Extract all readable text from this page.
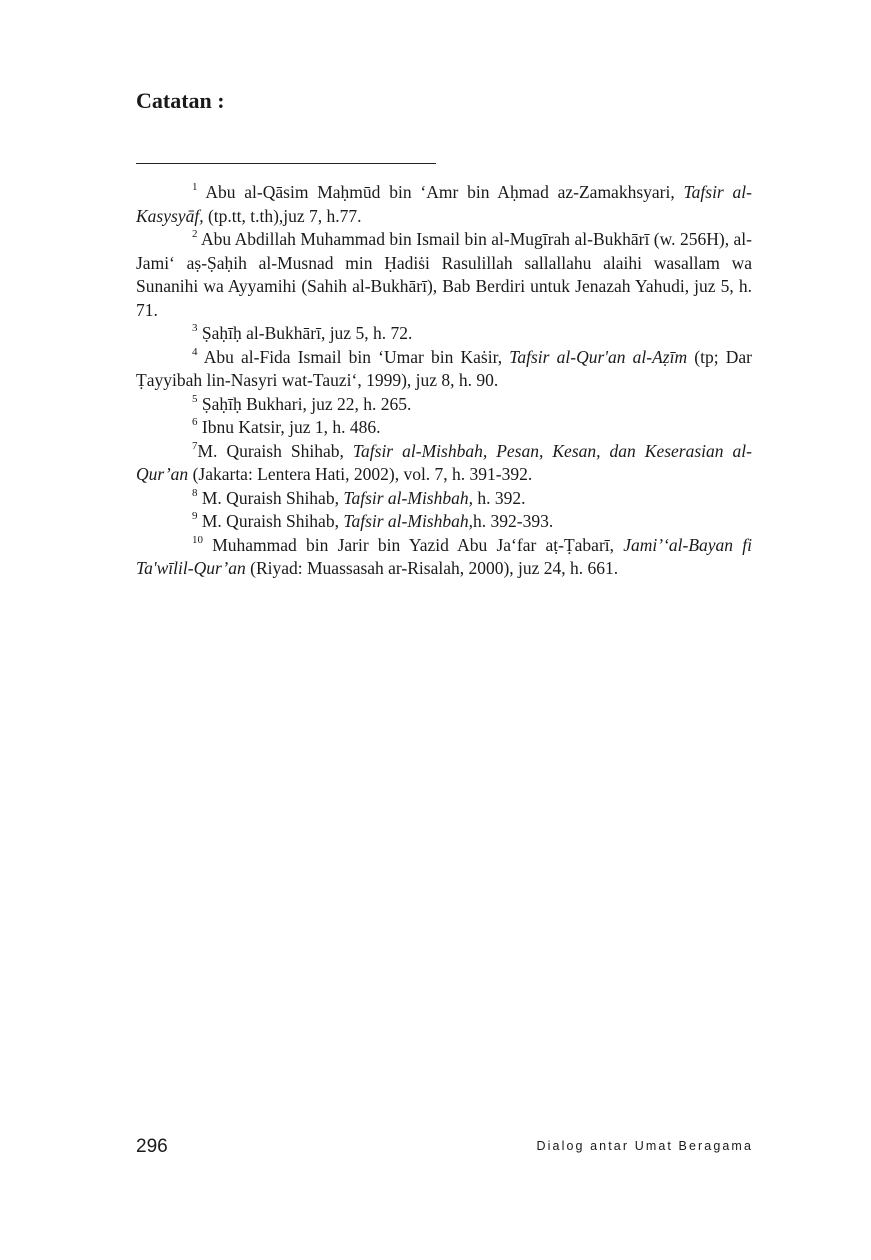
Catatan :

$^1$ Abu al-Qāsim Maḥmūd bin ‘Amr bin Aḥmad az-Zamakhsyari, Tafsir al-Kasysyāf, (tp.tt, t.th),juz 7, h.77.

$^2$ Abu Abdillah Muhammad bin Ismail bin al-Mugīrah al-Bukhārī (w. 256H), al-Jami‘ aṣ-Ṣaḥih al-Musnad min Ḥadiṡi Rasulillah sallallahu alaihi wasallam wa Sunanihi wa Ayyamihi (Sahih al-Bukhārī), Bab Berdiri untuk Jenazah Yahudi, juz 5, h. 71.

$^3$ Ṣaḥīḥ al-Bukhārī, juz 5, h. 72.

$^4$ Abu al-Fida Ismail bin ‘Umar bin Kaṡir, Tafsir al-Qur'an al-Aẓīm (tp; Dar Ṭayyibah lin-Nasyri wat-Tauzi‘, 1999), juz 8, h. 90.

$^5$ Ṣaḥīḥ Bukhari, juz 22, h. 265.

$^6$ Ibnu Katsir, juz 1, h. 486.

$^7$M. Quraish Shihab, Tafsir al-Mishbah, Pesan, Kesan, dan Keserasian al-Qur’an (Jakarta: Lentera Hati, 2002), vol. 7, h. 391-392.

$^8$ M. Quraish Shihab, Tafsir al-Mishbah, h. 392.

$^9$ M. Quraish Shihab, Tafsir al-Mishbah,h. 392-393.

$^{10}$ Muhammad bin Jarir bin Yazid Abu Ja‘far aṭ-Ṭabarī, Jami’‘al-Bayan fi Ta'wīlil-Qur’an (Riyad: Muassasah ar-Risalah, 2000), juz 24, h. 661.

296	Dialog antar Umat Beragama
